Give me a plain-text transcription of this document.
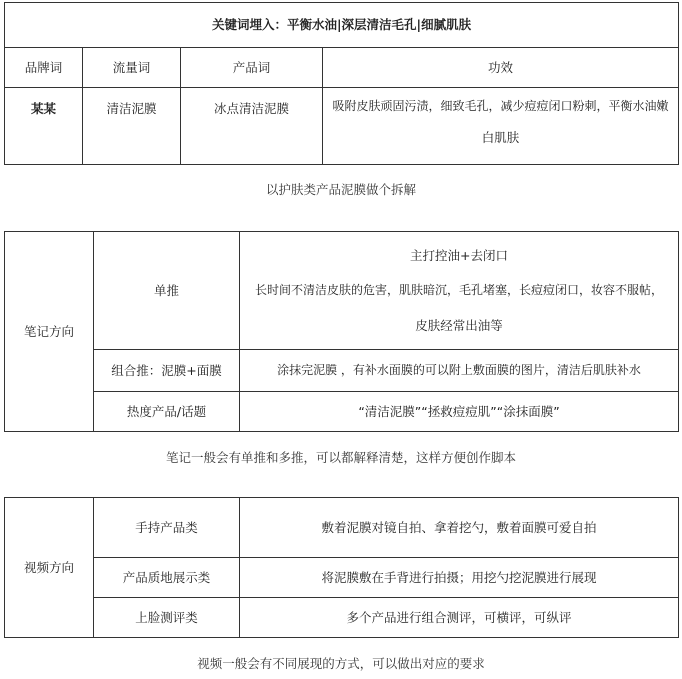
关键词埋入：平衡水油|深层清洁毛孔|细腻肌肤			
品牌词	流量词	产品词	功效
某某	清洁泥膜	冰点清洁泥膜	吸附皮肤顽固污渍，细致毛孔，减少痘痘闭口粉刺，平衡水油嫩
白肌肤
以护肤类产品泥膜做个拆解
笔记方向	单推	主打控油+去闭口
长时间不清洁皮肤的危害，肌肤暗沉，毛孔堵塞，长痘痘闭口，妆容不服帖，
皮肤经常出油等

	组合推：泥膜+面膜	涂抹完泥膜 ，有补水面膜的可以附上敷面膜的图片，清洁后肌肤补水
	热度产品/话题	“清洁泥膜”“拯救痘痘肌”“涂抹面膜”
笔记一般会有单推和多推，可以都解释清楚，这样方便创作脚本
视频方向	手持产品类	敷着泥膜对镜自拍、拿着挖勺，敷着面膜可爱自拍
	产品质地展示类	将泥膜敷在手背进行拍摄；用挖勺挖泥膜进行展现
	上脸测评类	多个产品进行组合测评，可横评，可纵评
视频一般会有不同展现的方式，可以做出对应的要求
